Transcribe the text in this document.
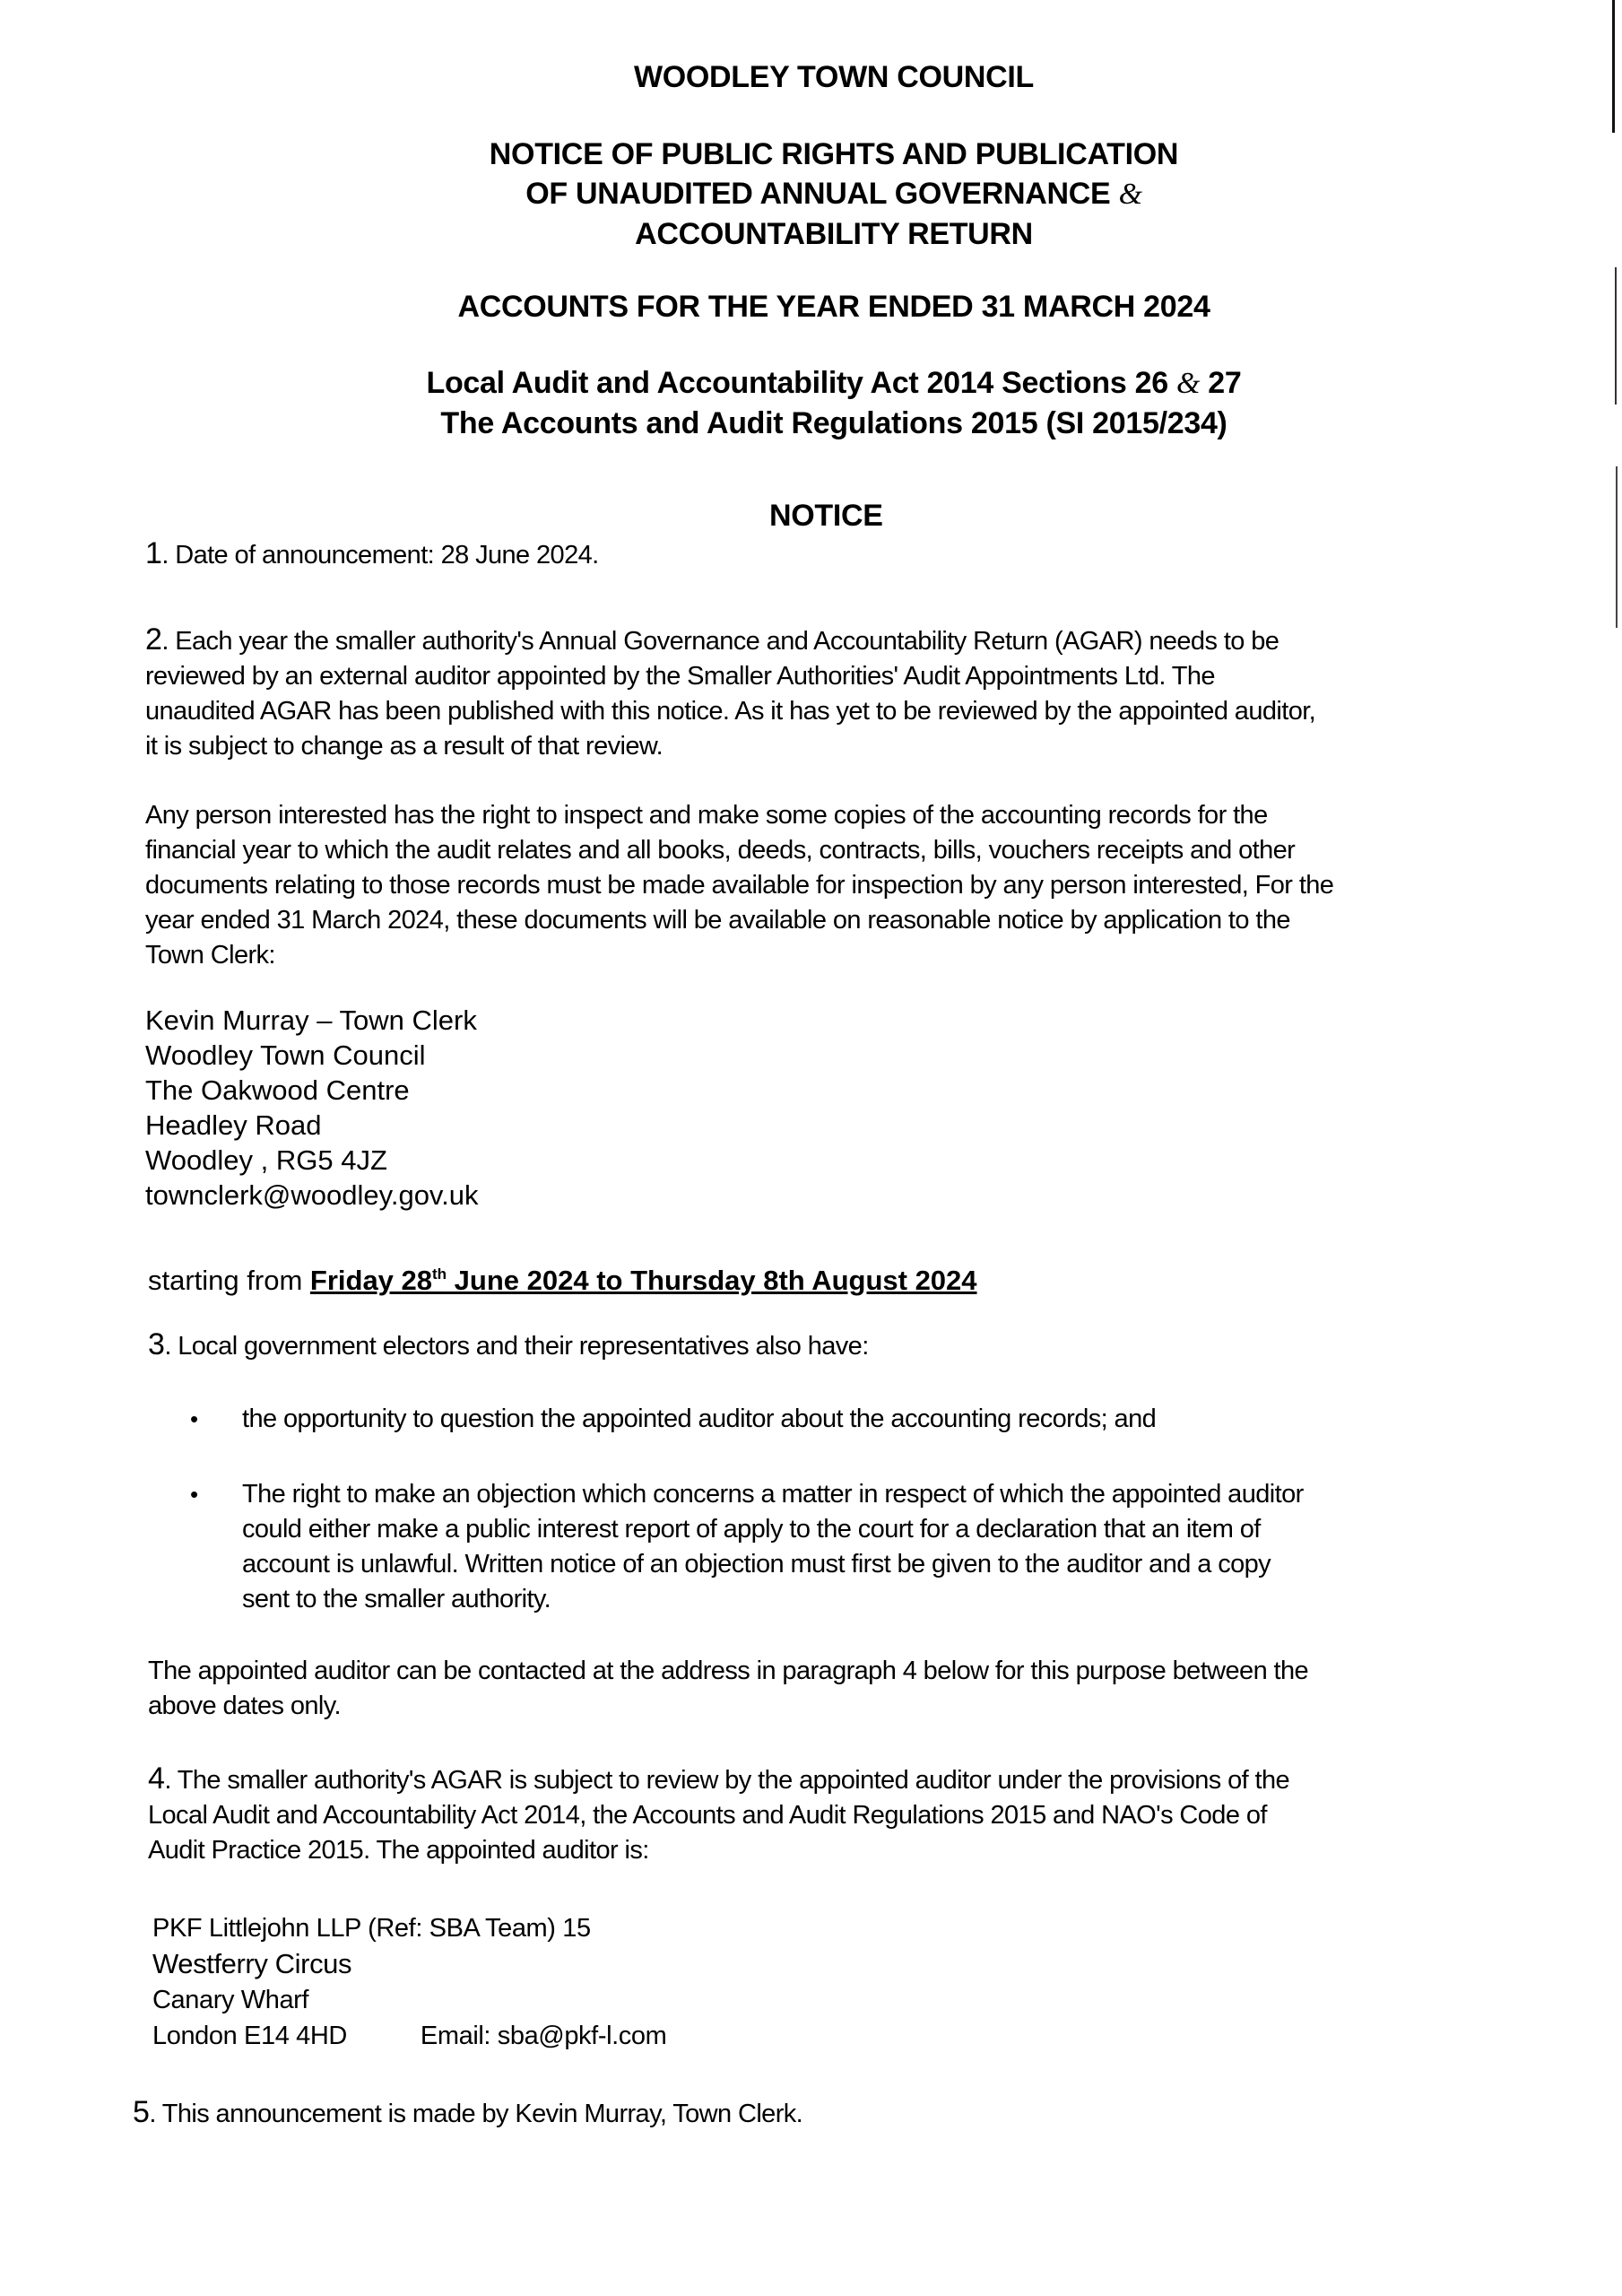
WOODLEY TOWN COUNCIL
NOTICE OF PUBLIC RIGHTS AND PUBLICATION
OF UNAUDITED ANNUAL GOVERNANCE &
ACCOUNTABILITY RETURN
ACCOUNTS FOR THE YEAR ENDED 31 MARCH 2024
Local Audit and Accountability Act 2014 Sections 26 & 27
The Accounts and Audit Regulations 2015 (SI 2015/234)
NOTICE
1. Date of announcement: 28 June 2024.
2. Each year the smaller authority's Annual Governance and Accountability Return (AGAR) needs to be
reviewed by an external auditor appointed by the Smaller Authorities' Audit Appointments Ltd. The
unaudited AGAR has been published with this notice. As it has yet to be reviewed by the appointed auditor,
it is subject to change as a result of that review.
Any person interested has the right to inspect and make some copies of the accounting records for the
financial year to which the audit relates and all books, deeds, contracts, bills, vouchers receipts and other
documents relating to those records must be made available for inspection by any person interested, For the
year ended 31 March 2024, these documents will be available on reasonable notice by application to the
Town Clerk:
Kevin Murray – Town Clerk
Woodley Town Council
The Oakwood Centre
Headley Road
Woodley , RG5 4JZ
townclerk@woodley.gov.uk
starting from Friday 28th June 2024 to Thursday 8th August 2024
3. Local government electors and their representatives also have:
• the opportunity to question the appointed auditor about the accounting records; and
• The right to make an objection which concerns a matter in respect of which the appointed auditor
could either make a public interest report of apply to the court for a declaration that an item of
account is unlawful. Written notice of an objection must first be given to the auditor and a copy
sent to the smaller authority.
The appointed auditor can be contacted at the address in paragraph 4 below for this purpose between the
above dates only.
4. The smaller authority's AGAR is subject to review by the appointed auditor under the provisions of the
Local Audit and Accountability Act 2014, the Accounts and Audit Regulations 2015 and NAO's Code of
Audit Practice 2015. The appointed auditor is:
PKF Littlejohn LLP (Ref: SBA Team) 15
Westferry Circus
Canary Wharf
London E14 4HD	Email: sba@pkf-l.com
5. This announcement is made by Kevin Murray, Town Clerk.
